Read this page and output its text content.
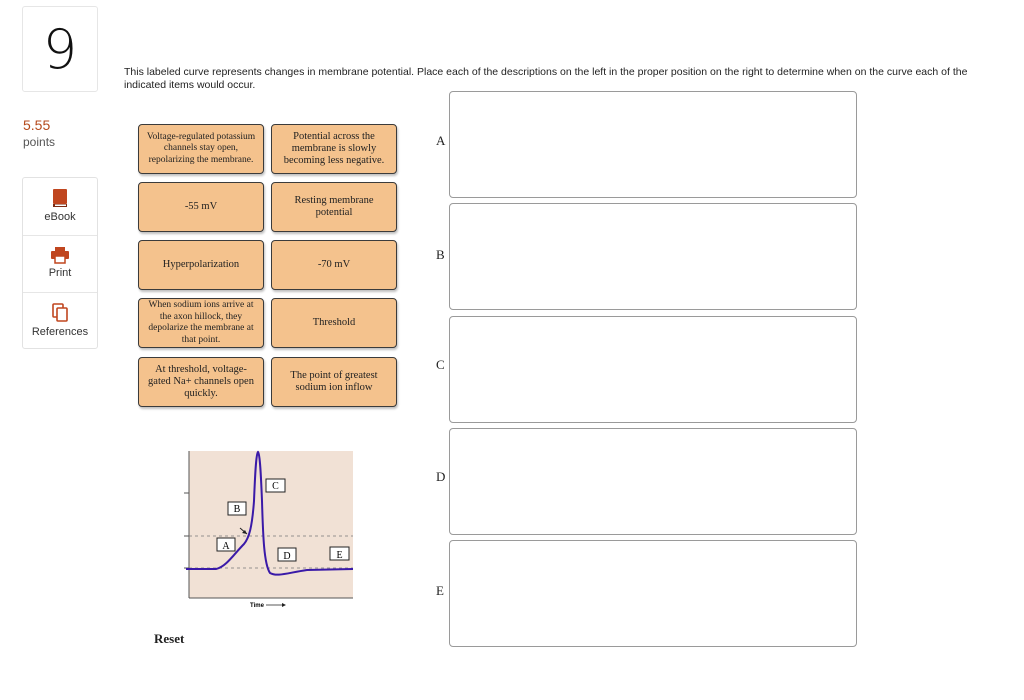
9
5.55
points
eBook
Print
References
This labeled curve represents changes in membrane potential. Place each of the descriptions on the left in the proper position on the right to determine when on the curve each of the indicated items would occur.
Voltage-regulated potassium channels stay open, repolarizing the membrane.
Potential across the membrane is slowly becoming less negative.
-55 mV
Resting membrane potential
Hyperpolarization	-70 mV
When sodium ions arrive at the axon hillock, they depolarize the membrane at that point.
Threshold
At threshold, voltage-gated Na+ channels open quickly.
The point of greatest sodium ion inflow
A
B
C
D
E
A
B
C
D	E
Time
Reset
